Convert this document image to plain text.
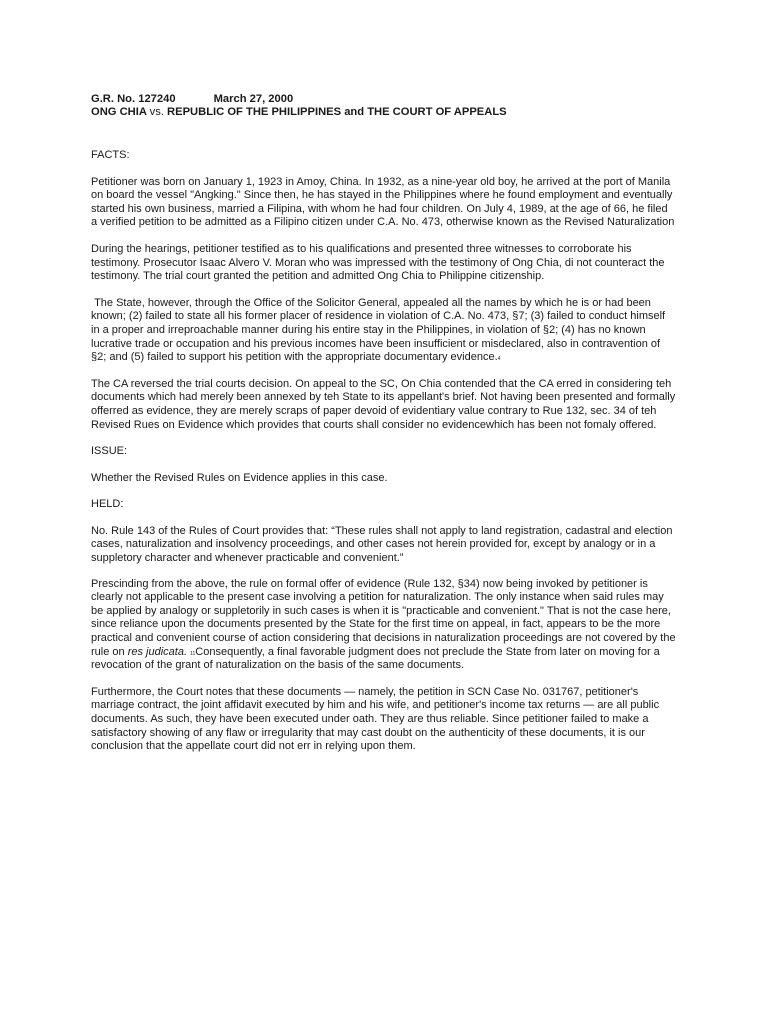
G.R. No. 127240	March 27, 2000
ONG CHIA vs. REPUBLIC OF THE PHILIPPINES and THE COURT OF APPEALS

FACTS:

Petitioner was born on January 1, 1923 in Amoy, China. In 1932, as a nine-year old boy, he arrived at the port of Manila on board the vessel "Angking." Since then, he has stayed in the Philippines where he found employment and eventually started his own business, married a Filipina, with whom he had four children. On July 4, 1989, at the age of 66, he filed a verified petition to be admitted as a Filipino citizen under C.A. No. 473, otherwise known as the Revised Naturalization

During the hearings, petitioner testified as to his qualifications and presented three witnesses to corroborate his testimony. Prosecutor Isaac Alvero V. Moran who was impressed with the testimony of Ong Chia, di not counteract the testimony. The trial court granted the petition and admitted Ong Chia to Philippine citizenship.

The State, however, through the Office of the Solicitor General, appealed all the names by which he is or had been known; (2) failed to state all his former placer of residence in violation of C.A. No. 473, §7; (3) failed to conduct himself in a proper and irreproachable manner during his entire stay in the Philippines, in violation of §2; (4) has no known lucrative trade or occupation and his previous incomes have been insufficient or misdeclared, also in contravention of §2; and (5) failed to support his petition with the appropriate documentary evidence.$^4$

The CA reversed the trial courts decision. On appeal to the SC, On Chia contended that the CA erred in considering teh documents which had merely been annexed by teh State to its appellant's brief. Not having been presented and formally offerred as evidence, they are merely scraps of paper devoid of evidentiary value contrary to Rue 132, sec. 34 of teh Revised Rues on Evidence which provides that courts shall consider no evidencewhich has been not fomaly offered.

ISSUE:

Whether the Revised Rules on Evidence applies in this case.

HELD:

No. Rule 143 of the Rules of Court provides that: “These rules shall not apply to land registration, cadastral and election cases, naturalization and insolvency proceedings, and other cases not herein provided for, except by analogy or in a suppletory character and whenever practicable and convenient.”

Prescinding from the above, the rule on formal offer of evidence (Rule 132, §34) now being invoked by petitioner is clearly not applicable to the present case involving a petition for naturalization. The only instance when said rules may be applied by analogy or suppletorily in such cases is when it is "practicable and convenient." That is not the case here, since reliance upon the documents presented by the State for the first time on appeal, in fact, appears to be the more practical and convenient course of action considering that decisions in naturalization proceedings are not covered by the rule on res judicata. $^{11}$Consequently, a final favorable judgment does not preclude the State from later on moving for a revocation of the grant of naturalization on the basis of the same documents.

Furthermore, the Court notes that these documents — namely, the petition in SCN Case No. 031767, petitioner's marriage contract, the joint affidavit executed by him and his wife, and petitioner's income tax returns — are all public documents. As such, they have been executed under oath. They are thus reliable. Since petitioner failed to make a satisfactory showing of any flaw or irregularity that may cast doubt on the authenticity of these documents, it is our conclusion that the appellate court did not err in relying upon them.
